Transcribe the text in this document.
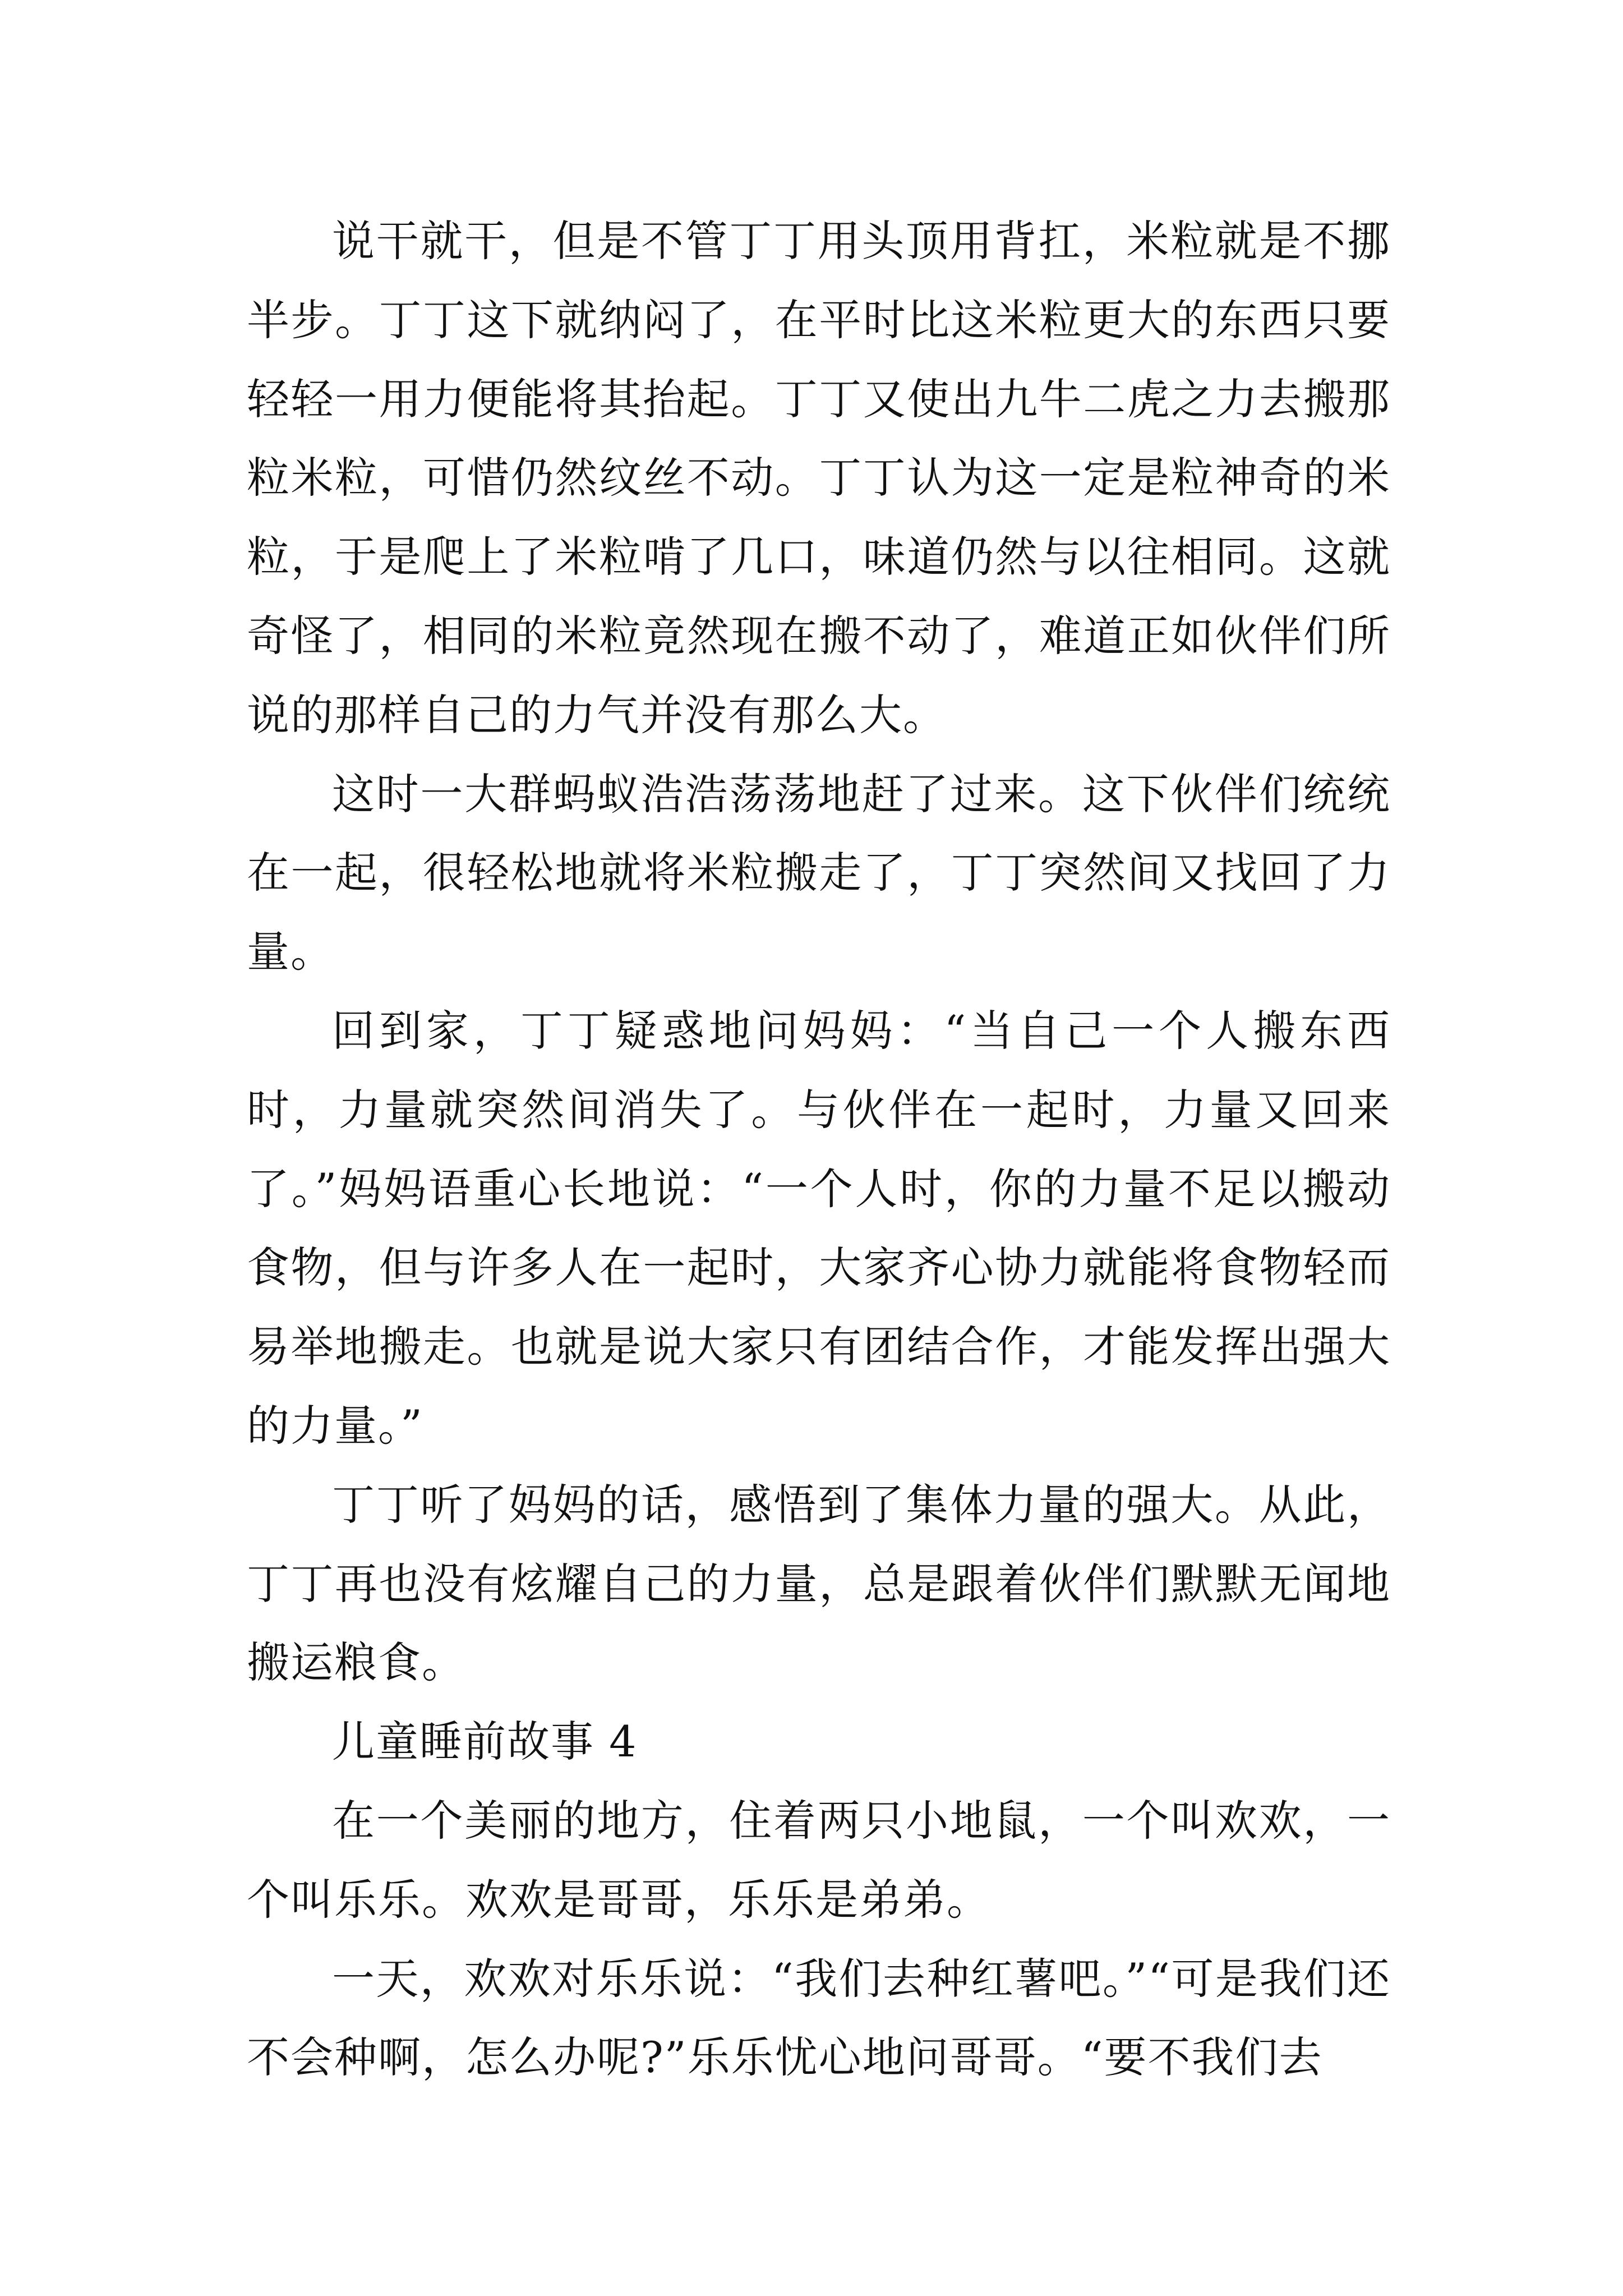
说干就干，但是不管丁丁用头顶用背扛，米粒就是不挪半步。丁丁这下就纳闷了，在平时比这米粒更大的东西只要轻轻一用力便能将其抬起。丁丁又使出九牛二虎之力去搬那粒米粒，可惜仍然纹丝不动。丁丁认为这一定是粒神奇的米粒，于是爬上了米粒啃了几口，味道仍然与以往相同。这就奇怪了，相同的米粒竟然现在搬不动了，难道正如伙伴们所说的那样自己的力气并没有那么大。

这时一大群蚂蚁浩浩荡荡地赶了过来。这下伙伴们统统在一起，很轻松地就将米粒搬走了，丁丁突然间又找回了力量。

回到家，丁丁疑惑地问妈妈：“当自己一个人搬东西时，力量就突然间消失了。与伙伴在一起时，力量又回来了。”妈妈语重心长地说：“一个人时，你的力量不足以搬动食物，但与许多人在一起时，大家齐心协力就能将食物轻而易举地搬走。也就是说大家只有团结合作，才能发挥出强大的力量。”

丁丁听了妈妈的话，感悟到了集体力量的强大。从此，丁丁再也没有炫耀自己的力量，总是跟着伙伴们默默无闻地搬运粮食。

儿童睡前故事 4

在一个美丽的地方，住着两只小地鼠，一个叫欢欢，一个叫乐乐。欢欢是哥哥，乐乐是弟弟。

一天，欢欢对乐乐说：“我们去种红薯吧。”“可是我们还不会种啊，怎么办呢?”乐乐忧心地问哥哥。“要不我们去
